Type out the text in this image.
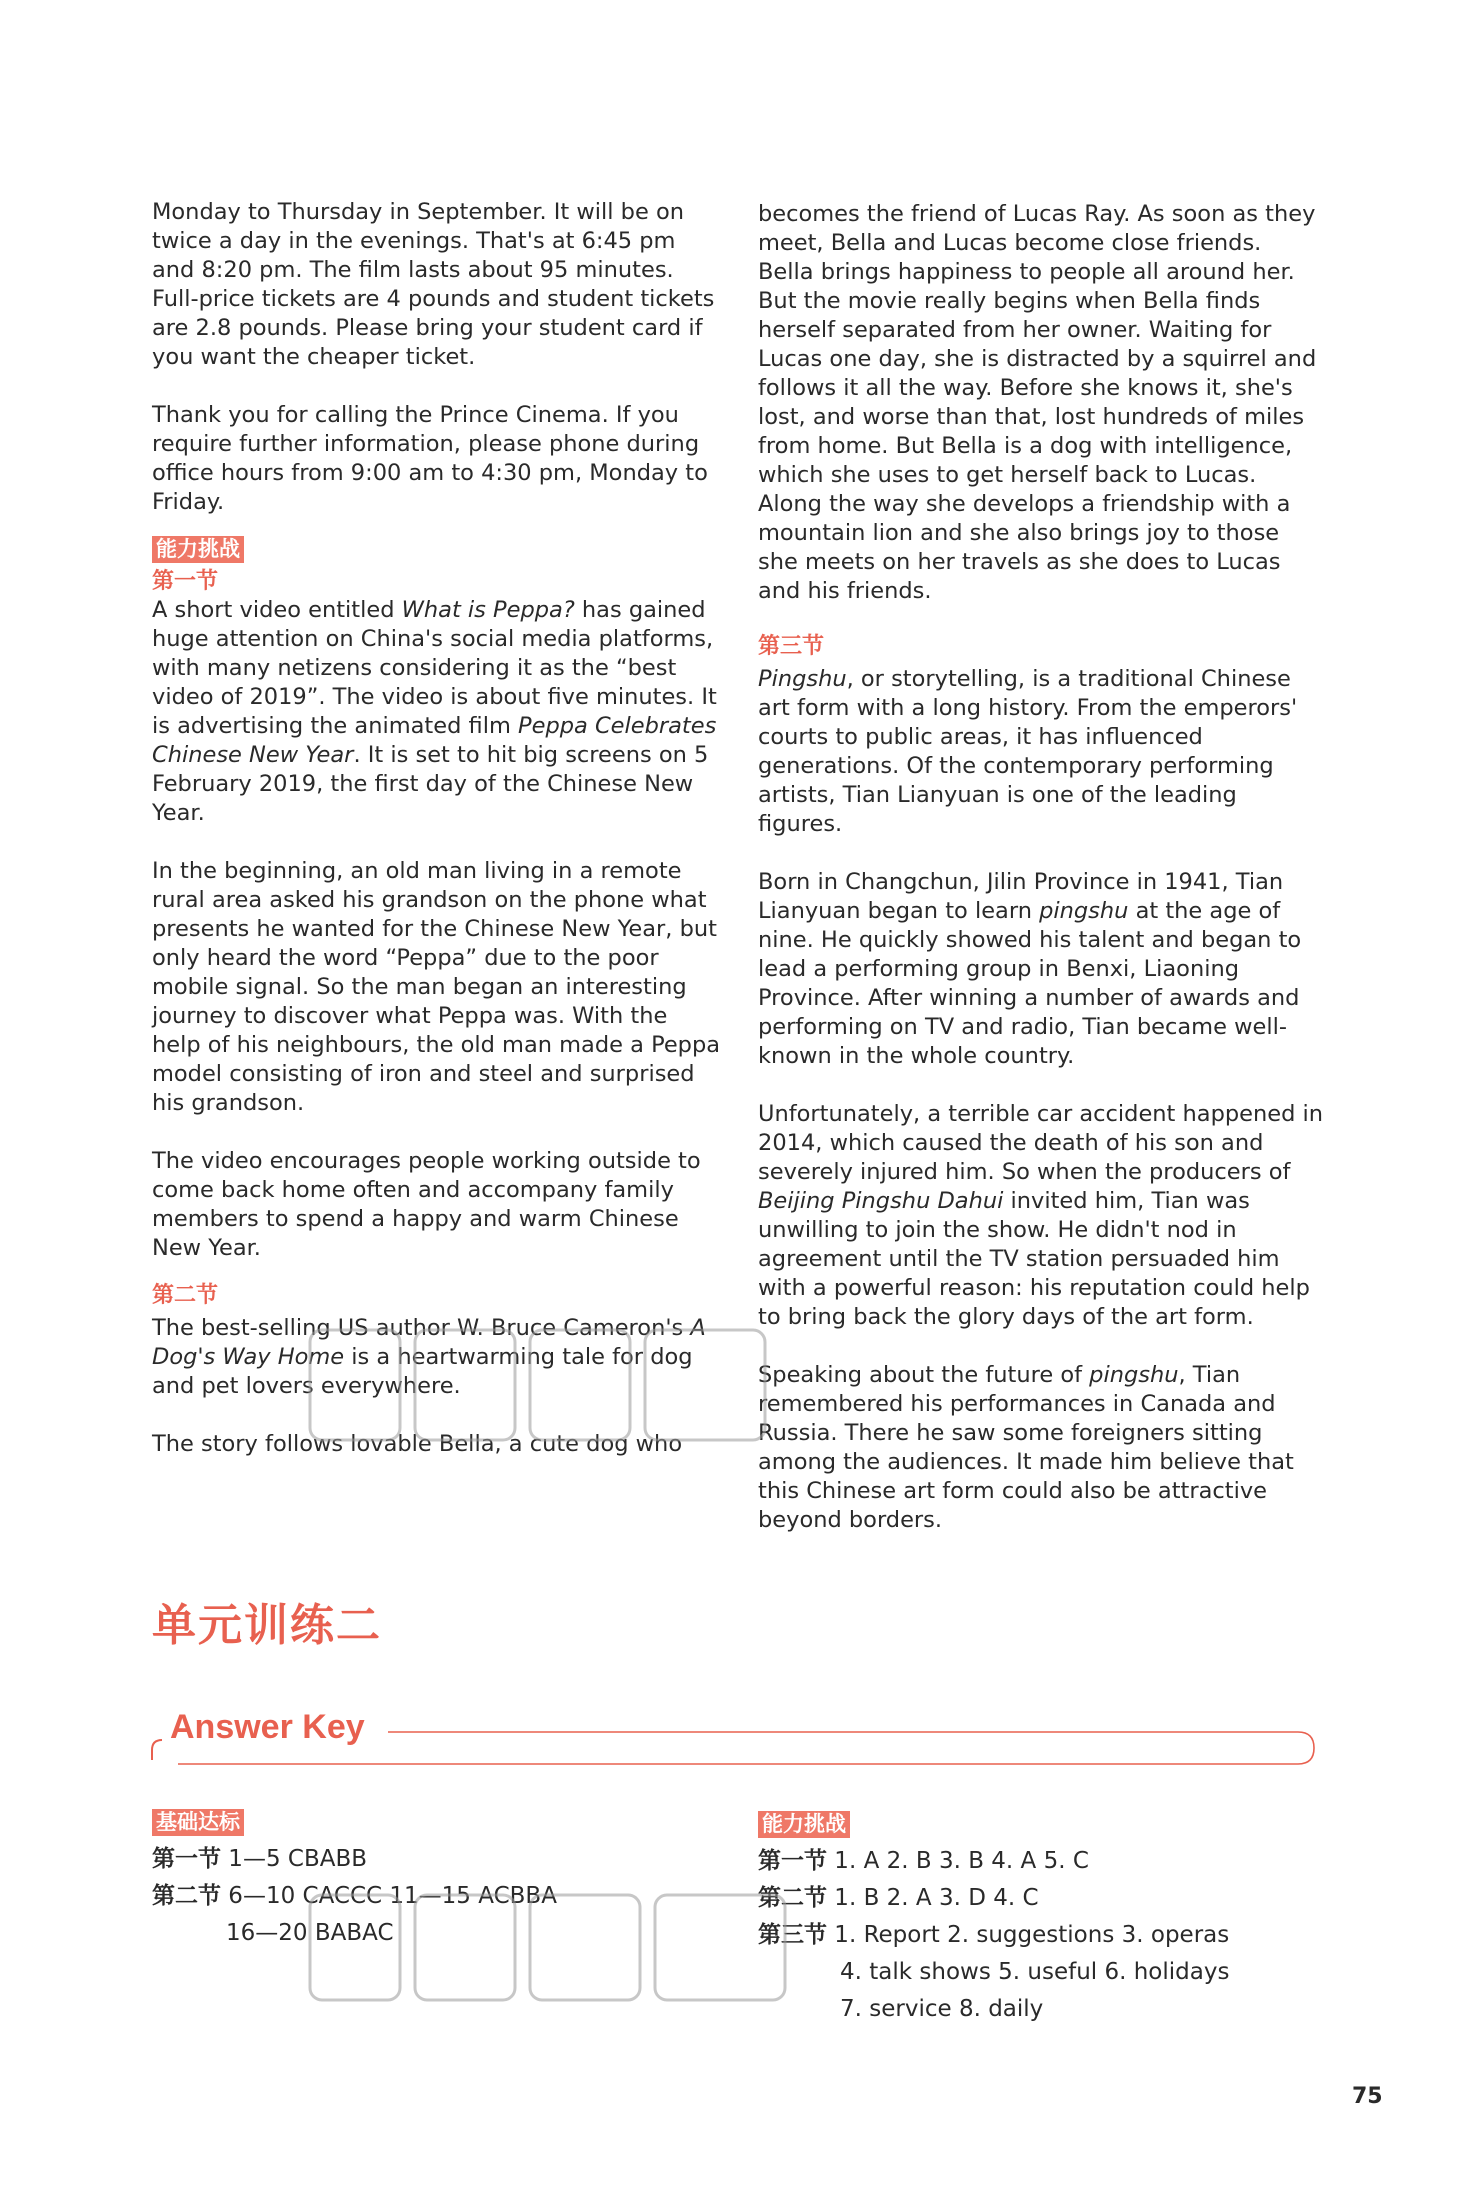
Monday to Thursday in September. It will be on twice a day in the evenings. That's at 6:45 pm and 8:20 pm. The film lasts about 95 minutes. Full-price tickets are 4 pounds and student tickets are 2.8 pounds. Please bring your student card if you want the cheaper ticket.

Thank you for calling the Prince Cinema. If you require further information, please phone during office hours from 9:00 am to 4:30 pm, Monday to Friday.

能力挑战
第一节

A short video entitled What is Peppa? has gained huge attention on China's social media platforms, with many netizens considering it as the “best video of 2019”. The video is about five minutes. It is advertising the animated film Peppa Celebrates Chinese New Year. It is set to hit big screens on 5 February 2019, the first day of the Chinese New Year.

In the beginning, an old man living in a remote rural area asked his grandson on the phone what presents he wanted for the Chinese New Year, but only heard the word “Peppa” due to the poor mobile signal. So the man began an interesting journey to discover what Peppa was. With the help of his neighbours, the old man made a Peppa model consisting of iron and steel and surprised his grandson.

The video encourages people working outside to come back home often and accompany family members to spend a happy and warm Chinese New Year.

第二节

The best-selling US author W. Bruce Cameron's A Dog's Way Home is a heartwarming tale for dog and pet lovers everywhere.

The story follows lovable Bella, a cute dog who

becomes the friend of Lucas Ray. As soon as they meet, Bella and Lucas become close friends. Bella brings happiness to people all around her. But the movie really begins when Bella finds herself separated from her owner. Waiting for Lucas one day, she is distracted by a squirrel and follows it all the way. Before she knows it, she's lost, and worse than that, lost hundreds of miles from home. But Bella is a dog with intelligence, which she uses to get herself back to Lucas. Along the way she develops a friendship with a mountain lion and she also brings joy to those she meets on her travels as she does to Lucas and his friends.

第三节

Pingshu, or storytelling, is a traditional Chinese art form with a long history. From the emperors' courts to public areas, it has influenced generations. Of the contemporary performing artists, Tian Lianyuan is one of the leading figures.

Born in Changchun, Jilin Province in 1941, Tian Lianyuan began to learn pingshu at the age of nine. He quickly showed his talent and began to lead a performing group in Benxi, Liaoning Province. After winning a number of awards and performing on TV and radio, Tian became well-known in the whole country.

Unfortunately, a terrible car accident happened in 2014, which caused the death of his son and severely injured him. So when the producers of Beijing Pingshu Dahui invited him, Tian was unwilling to join the show. He didn't nod in agreement until the TV station persuaded him with a powerful reason: his reputation could help to bring back the glory days of the art form.

Speaking about the future of pingshu, Tian remembered his performances in Canada and Russia. There he saw some foreigners sitting among the audiences. It made him believe that this Chinese art form could also be attractive beyond borders.

单元训练二
Answer Key
基础达标
第一节 1—5 CBABB
第二节 6—10 CACCC 11—15 ACBBA
16—20 BABAC
能力挑战
第一节 1. A 2. B 3. B 4. A 5. C
第二节 1. B 2. A 3. D 4. C
第三节 1. Report 2. suggestions 3. operas
4. talk shows 5. useful 6. holidays
7. service 8. daily
75
